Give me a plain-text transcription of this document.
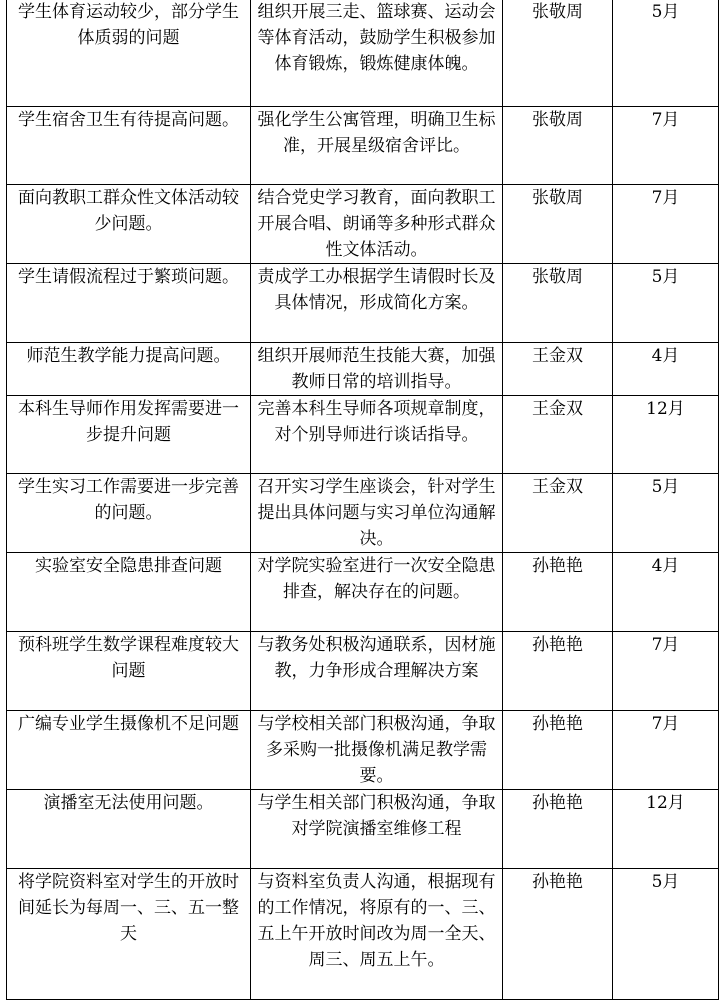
学生体育运动较少，部分学生体质弱的问题	组织开展三走、篮球赛、运动会等体育活动，鼓励学生积极参加体育锻炼，锻炼健康体魄。	张敬周	5月

学生宿舍卫生有待提高问题。	强化学生公寓管理，明确卫生标准，开展星级宿舍评比。	张敬周	7月

面向教职工群众性文体活动较少问题。	结合党史学习教育，面向教职工开展合唱、朗诵等多种形式群众性文体活动。	张敬周	7月

学生请假流程过于繁琐问题。	责成学工办根据学生请假时长及具体情况，形成简化方案。	张敬周	5月

师范生教学能力提高问题。	组织开展师范生技能大赛，加强教师日常的培训指导。	王金双	4月

本科生导师作用发挥需要进一步提升问题	完善本科生导师各项规章制度，对个别导师进行谈话指导。	王金双	12月

学生实习工作需要进一步完善的问题。	召开实习学生座谈会，针对学生提出具体问题与实习单位沟通解决。	王金双	5月

实验室安全隐患排查问题	对学院实验室进行一次安全隐患排查，解决存在的问题。	孙艳艳	4月

预科班学生数学课程难度较大问题	与教务处积极沟通联系，因材施教，力争形成合理解决方案	孙艳艳	7月

广编专业学生摄像机不足问题	与学校相关部门积极沟通，争取多采购一批摄像机满足教学需要。	孙艳艳	7月

演播室无法使用问题。	与学生相关部门积极沟通，争取对学院演播室维修工程	孙艳艳	12月

将学院资料室对学生的开放时间延长为每周一、三、五一整天	与资料室负责人沟通，根据现有的工作情况，将原有的一、三、五上午开放时间改为周一全天、周三、周五上午。	孙艳艳	5月
